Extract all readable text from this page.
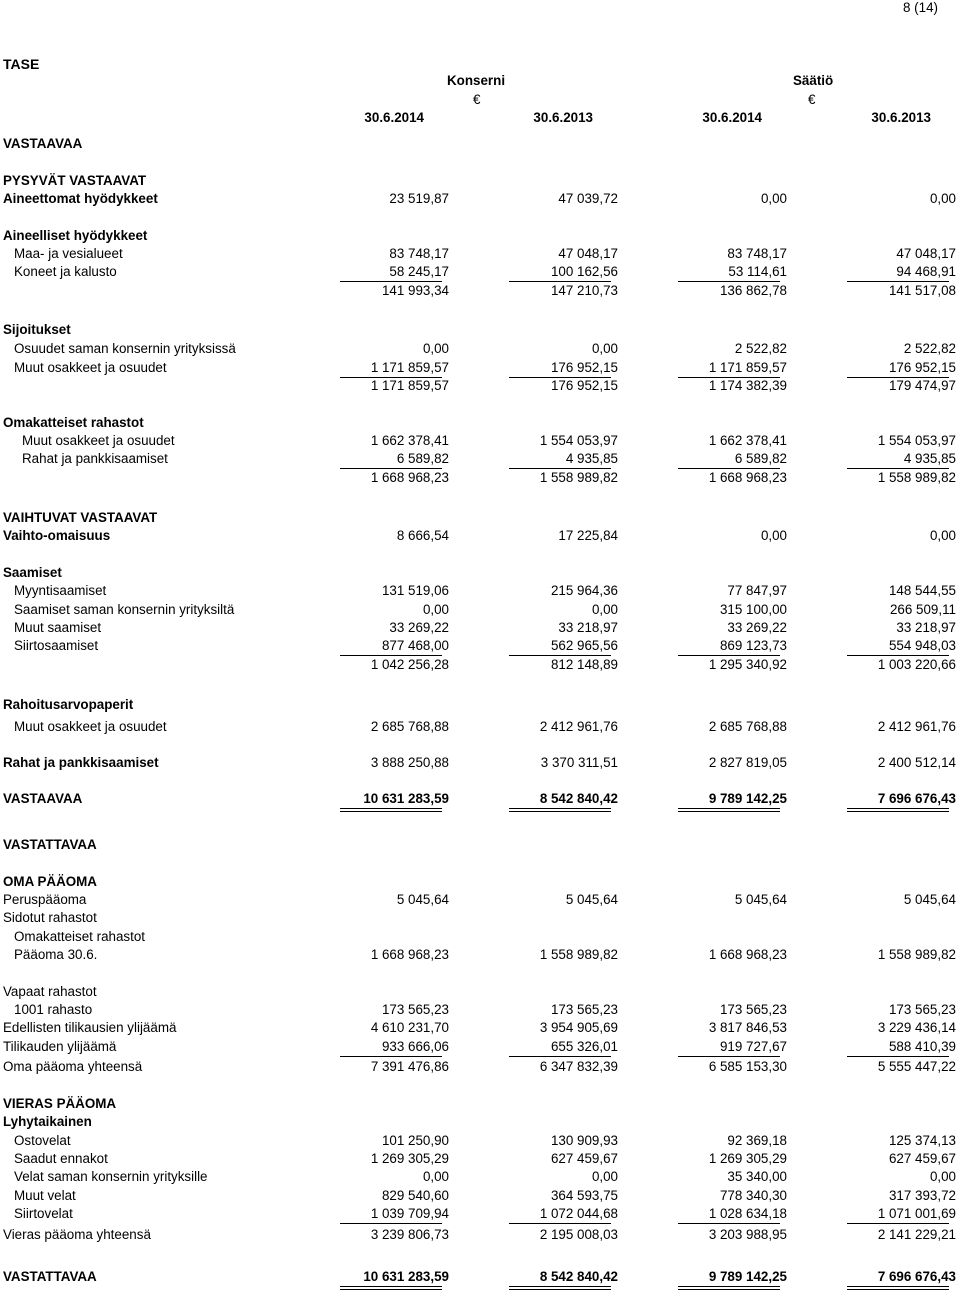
8 (14)
TASE
Konserni	Säätiö
€	€
30.6.2014	30.6.2013	30.6.2014	30.6.2013
VASTAAVAA
PYSYVÄT VASTAAVAT
Aineettomat hyödykkeet	23 519,87	47 039,72	0,00	0,00
Aineelliset hyödykkeet
Maa- ja vesialueet	83 748,17	47 048,17	83 748,17	47 048,17
Koneet ja kalusto	58 245,17	100 162,56	53 114,61	94 468,91
141 993,34	147 210,73	136 862,78	141 517,08
Sijoitukset
Osuudet saman konsernin yrityksissä	0,00	0,00	2 522,82	2 522,82
Muut osakkeet ja osuudet	1 171 859,57	176 952,15	1 171 859,57	176 952,15
1 171 859,57	176 952,15	1 174 382,39	179 474,97
Omakatteiset rahastot
Muut osakkeet ja osuudet	1 662 378,41	1 554 053,97	1 662 378,41	1 554 053,97
Rahat ja pankkisaamiset	6 589,82	4 935,85	6 589,82	4 935,85
1 668 968,23	1 558 989,82	1 668 968,23	1 558 989,82
VAIHTUVAT VASTAAVAT
Vaihto-omaisuus	8 666,54	17 225,84	0,00	0,00
Saamiset
Myyntisaamiset	131 519,06	215 964,36	77 847,97	148 544,55
Saamiset saman konsernin yrityksiltä	0,00	0,00	315 100,00	266 509,11
Muut saamiset	33 269,22	33 218,97	33 269,22	33 218,97
Siirtosaamiset	877 468,00	562 965,56	869 123,73	554 948,03
1 042 256,28	812 148,89	1 295 340,92	1 003 220,66
Rahoitusarvopaperit
Muut osakkeet ja osuudet	2 685 768,88	2 412 961,76	2 685 768,88	2 412 961,76
Rahat ja pankkisaamiset	3 888 250,88	3 370 311,51	2 827 819,05	2 400 512,14
VASTAAVAA	10 631 283,59	8 542 840,42	9 789 142,25	7 696 676,43
VASTATTAVAA
OMA PÄÄOMA
Peruspääoma	5 045,64	5 045,64	5 045,64	5 045,64
Sidotut rahastot
Omakatteiset rahastot
Pääoma 30.6.	1 668 968,23	1 558 989,82	1 668 968,23	1 558 989,82
Vapaat rahastot
1001 rahasto	173 565,23	173 565,23	173 565,23	173 565,23
Edellisten tilikausien ylijäämä	4 610 231,70	3 954 905,69	3 817 846,53	3 229 436,14
Tilikauden ylijäämä	933 666,06	655 326,01	919 727,67	588 410,39
Oma pääoma yhteensä	7 391 476,86	6 347 832,39	6 585 153,30	5 555 447,22
VIERAS PÄÄOMA
Lyhytaikainen
Ostovelat	101 250,90	130 909,93	92 369,18	125 374,13
Saadut ennakot	1 269 305,29	627 459,67	1 269 305,29	627 459,67
Velat saman konsernin yrityksille	0,00	0,00	35 340,00	0,00
Muut velat	829 540,60	364 593,75	778 340,30	317 393,72
Siirtovelat	1 039 709,94	1 072 044,68	1 028 634,18	1 071 001,69
Vieras pääoma yhteensä	3 239 806,73	2 195 008,03	3 203 988,95	2 141 229,21
VASTATTAVAA	10 631 283,59	8 542 840,42	9 789 142,25	7 696 676,43
